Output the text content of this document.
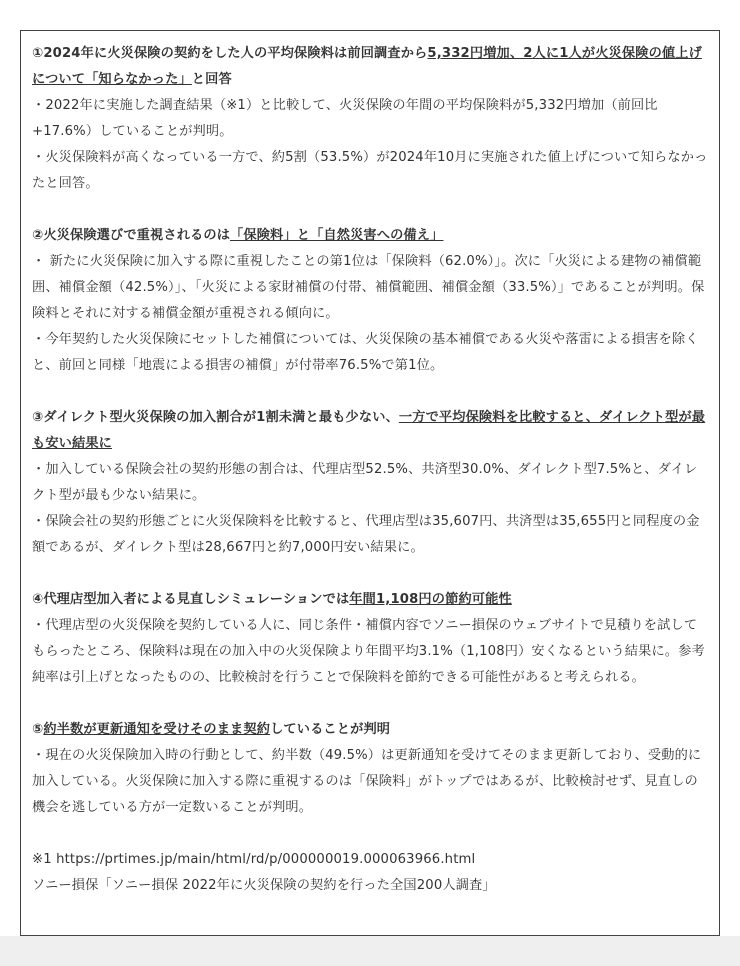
①2024年に火災保険の契約をした人の平均保険料は前回調査から5,332円増加、2人に1人が火災保険の値上げについて「知らなかった」と回答

・2022年に実施した調査結果（※1）と比較して、火災保険の年間の平均保険料が5,332円増加（前回比+17.6%）していることが判明。

・火災保険料が高くなっている一方で、約5割（53.5%）が2024年10月に実施された値上げについて知らなかったと回答。

②火災保険選びで重視されるのは「保険料」と「自然災害への備え」

・ 新たに火災保険に加入する際に重視したことの第1位は「保険料（62.0%）」。次に「火災による建物の補償範囲、補償金額（42.5%）」、「火災による家財補償の付帯、補償範囲、補償金額（33.5%）」であることが判明。保険料とそれに対する補償金額が重視される傾向に。

・今年契約した火災保険にセットした補償については、火災保険の基本補償である火災や落雷による損害を除くと、前回と同様「地震による損害の補償」が付帯率76.5%で第1位。

③ダイレクト型火災保険の加入割合が1割未満と最も少ない、一方で平均保険料を比較すると、ダイレクト型が最も安い結果に

・加入している保険会社の契約形態の割合は、代理店型52.5%、共済型30.0%、ダイレクト型7.5%と、ダイレクト型が最も少ない結果に。

・保険会社の契約形態ごとに火災保険料を比較すると、代理店型は35,607円、共済型は35,655円と同程度の金額であるが、ダイレクト型は28,667円と約7,000円安い結果に。

④代理店型加入者による見直しシミュレーションでは年間1,108円の節約可能性

・代理店型の火災保険を契約している人に、同じ条件・補償内容でソニー損保のウェブサイトで見積りを試してもらったところ、保険料は現在の加入中の火災保険より年間平均3.1%（1,108円）安くなるという結果に。参考純率は引上げとなったものの、比較検討を行うことで保険料を節約できる可能性があると考えられる。

⑤約半数が更新通知を受けそのまま契約していることが判明

・現在の火災保険加入時の行動として、約半数（49.5%）は更新通知を受けてそのまま更新しており、受動的に加入している。火災保険に加入する際に重視するのは「保険料」がトップではあるが、比較検討せず、見直しの機会を逃している方が一定数いることが判明。

※1 https://prtimes.jp/main/html/rd/p/000000019.000063966.html

ソニー損保「ソニー損保 2022年に火災保険の契約を行った全国200人調査」
